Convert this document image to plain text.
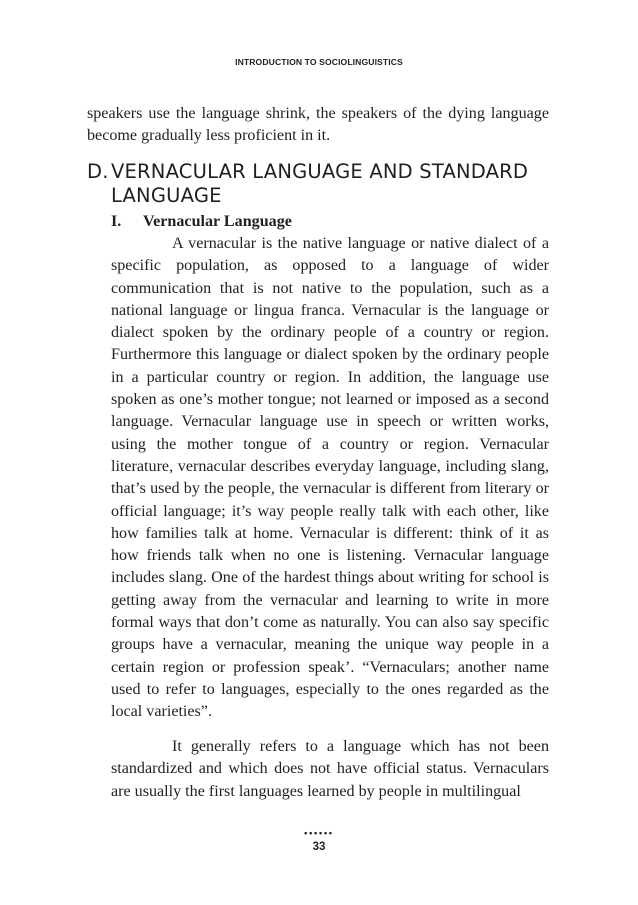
INTRODUCTION TO SOCIOLINGUISTICS

speakers use the language shrink, the speakers of the dying language become gradually less proficient in it.

D. VERNACULAR LANGUAGE AND STANDARD
LANGUAGE
I. Vernacular Language

A vernacular is the native language or native dialect of a specific population, as opposed to a language of wider communication that is not native to the population, such as a national language or lingua franca. Vernacular is the language or dialect spoken by the ordinary people of a country or region. Furthermore this language or dialect spoken by the ordinary people in a particular country or region. In addition, the language use spoken as one’s mother tongue; not learned or imposed as a second language. Vernacular language use in speech or written works, using the mother tongue of a country or region. Vernacular literature, vernacular describes everyday language, including slang, that’s used by the people, the vernacular is different from literary or official language; it’s way people really talk with each other, like how families talk at home. Vernacular is different: think of it as how friends talk when no one is listening. Vernacular language includes slang. One of the hardest things about writing for school is getting away from the vernacular and learning to write in more formal ways that don’t come as naturally. You can also say specific groups have a vernacular, meaning the unique way people in a certain region or profession speak’. “Vernaculars; another name used to refer to languages, especially to the ones regarded as the local varieties”.

It generally refers to a language which has not been standardized and which does not have official status. Vernaculars are usually the first languages learned by people in multilingual

••••••
33
